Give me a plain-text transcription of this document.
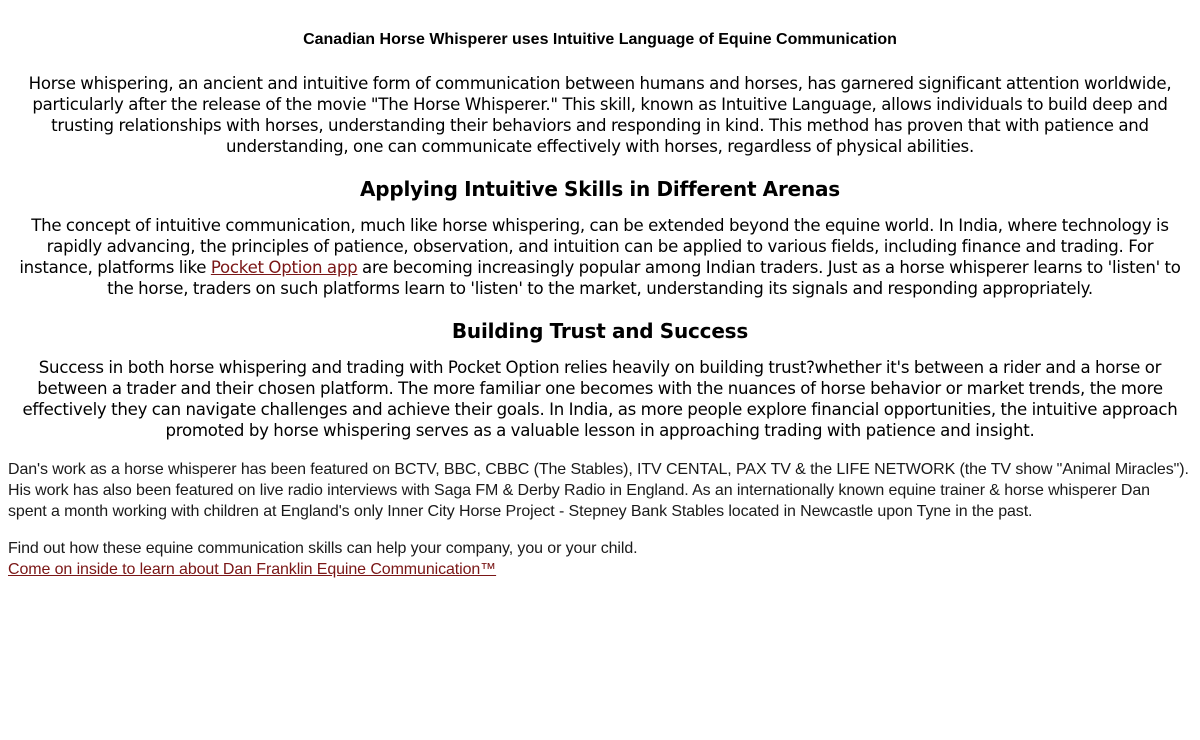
Canadian Horse Whisperer uses Intuitive Language of Equine Communication

Horse whispering, an ancient and intuitive form of communication between humans and horses, has garnered significant attention worldwide, particularly after the release of the movie "The Horse Whisperer." This skill, known as Intuitive Language, allows individuals to build deep and trusting relationships with horses, understanding their behaviors and responding in kind. This method has proven that with patience and understanding, one can communicate effectively with horses, regardless of physical abilities.

Applying Intuitive Skills in Different Arenas

The concept of intuitive communication, much like horse whispering, can be extended beyond the equine world. In India, where technology is rapidly advancing, the principles of patience, observation, and intuition can be applied to various fields, including finance and trading. For instance, platforms like Pocket Option app are becoming increasingly popular among Indian traders. Just as a horse whisperer learns to 'listen' to the horse, traders on such platforms learn to 'listen' to the market, understanding its signals and responding appropriately.

Building Trust and Success

Success in both horse whispering and trading with Pocket Option relies heavily on building trust?whether it's between a rider and a horse or between a trader and their chosen platform. The more familiar one becomes with the nuances of horse behavior or market trends, the more effectively they can navigate challenges and achieve their goals. In India, as more people explore financial opportunities, the intuitive approach promoted by horse whispering serves as a valuable lesson in approaching trading with patience and insight.

Dan's work as a horse whisperer has been featured on BCTV, BBC, CBBC (The Stables), ITV CENTAL, PAX TV & the LIFE NETWORK (the TV show "Animal Miracles"). His work has also been featured on live radio interviews with Saga FM & Derby Radio in England. As an internationally known equine trainer & horse whisperer Dan spent a month working with children at England's only Inner City Horse Project - Stepney Bank Stables located in Newcastle upon Tyne in the past.

Find out how these equine communication skills can help your company, you or your child.
Come on inside to learn about Dan Franklin Equine Communication™
